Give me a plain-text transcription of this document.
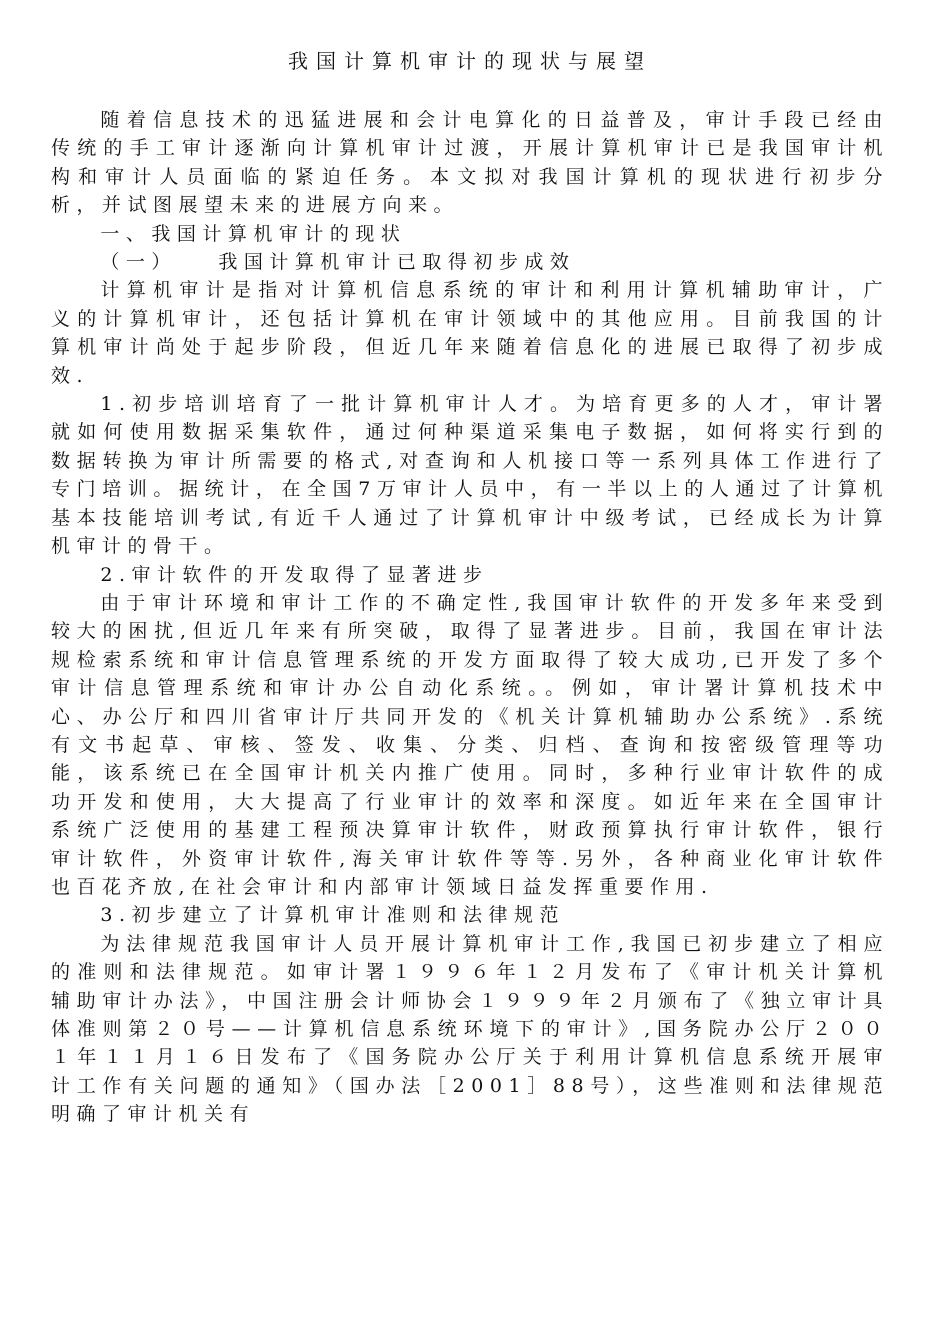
我国计算机审计的现状与展望

随着信息技术的迅猛进展和会计电算化的日益普及，审计手段已经由传统的手工审计逐渐向计算机审计过渡，开展计算机审计已是我国审计机构和审计人员面临的紧迫任务。本文拟对我国计算机的现状进行初步分析，并试图展望未来的进展方向来。

一、我国计算机审计的现状

（一）　　我国计算机审计已取得初步成效

计算机审计是指对计算机信息系统的审计和利用计算机辅助审计，广义的计算机审计，还包括计算机在审计领域中的其他应用。目前我国的计算机审计尚处于起步阶段，但近几年来随着信息化的进展已取得了初步成效.

1.初步培训培育了一批计算机审计人才。为培育更多的人才，审计署就如何使用数据采集软件，通过何种渠道采集电子数据，如何将实行到的数据转换为审计所需要的格式,对查询和人机接口等一系列具体工作进行了专门培训。据统计，在全国7万审计人员中，有一半以上的人通过了计算机基本技能培训考试,有近千人通过了计算机审计中级考试，已经成长为计算机审计的骨干。

2.审计软件的开发取得了显著进步

由于审计环境和审计工作的不确定性,我国审计软件的开发多年来受到较大的困扰,但近几年来有所突破，取得了显著进步。目前，我国在审计法规检索系统和审计信息管理系统的开发方面取得了较大成功,已开发了多个审计信息管理系统和审计办公自动化系统。。例如，审计署计算机技术中心、办公厅和四川省审计厅共同开发的《机关计算机辅助办公系统》.系统有文书起草、审核、签发、收集、分类、归档、查询和按密级管理等功能，该系统已在全国审计机关内推广使用。同时，多种行业审计软件的成功开发和使用，大大提高了行业审计的效率和深度。如近年来在全国审计系统广泛使用的基建工程预决算审计软件，财政预算执行审计软件，银行审计软件，外资审计软件,海关审计软件等等.另外，各种商业化审计软件也百花齐放,在社会审计和内部审计领域日益发挥重要作用.

3.初步建立了计算机审计准则和法律规范

为法律规范我国审计人员开展计算机审计工作,我国已初步建立了相应的准则和法律规范。如审计署１９９６年１２月发布了《审计机关计算机辅助审计办法》，中国注册会计师协会１９９９年２月颁布了《独立审计具体准则第２０号——计算机信息系统环境下的审计》,国务院办公厅２００１年１１月１６日发布了《国务院办公厅关于利用计算机信息系统开展审计工作有关问题的通知》（国办法［2001］88号），这些准则和法律规范明确了审计机关有
